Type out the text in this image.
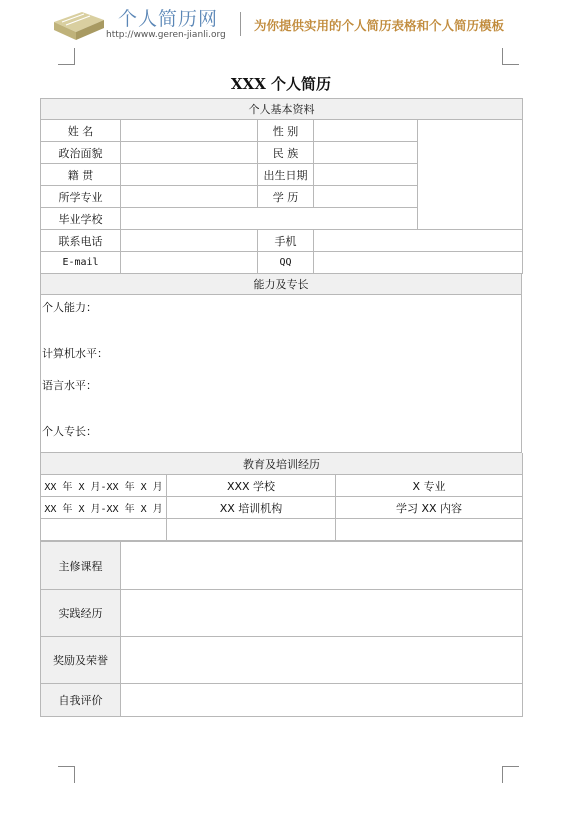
个人简历网
http://www.geren-jianli.org
为你提供实用的个人简历表格和个人简历模板
XXX 个人简历
个人基本资料				
姓 名		性 别		
政治面貌		民 族		
籍 贯		出生日期		
所学专业		学 历		
毕业学校				
联系电话		手机		
E-mail		QQ		
能力及专长

个人能力：
计算机水平：
语言水平：
个人专长：
教育及培训经历		
XX 年 X 月-XX 年 X 月	XXX 学校	X 专业
XX 年 X 月-XX 年 X 月	XX 培训机构	学习 XX 内容

主修课程	
实践经历	
奖励及荣誉	
自我评价	
